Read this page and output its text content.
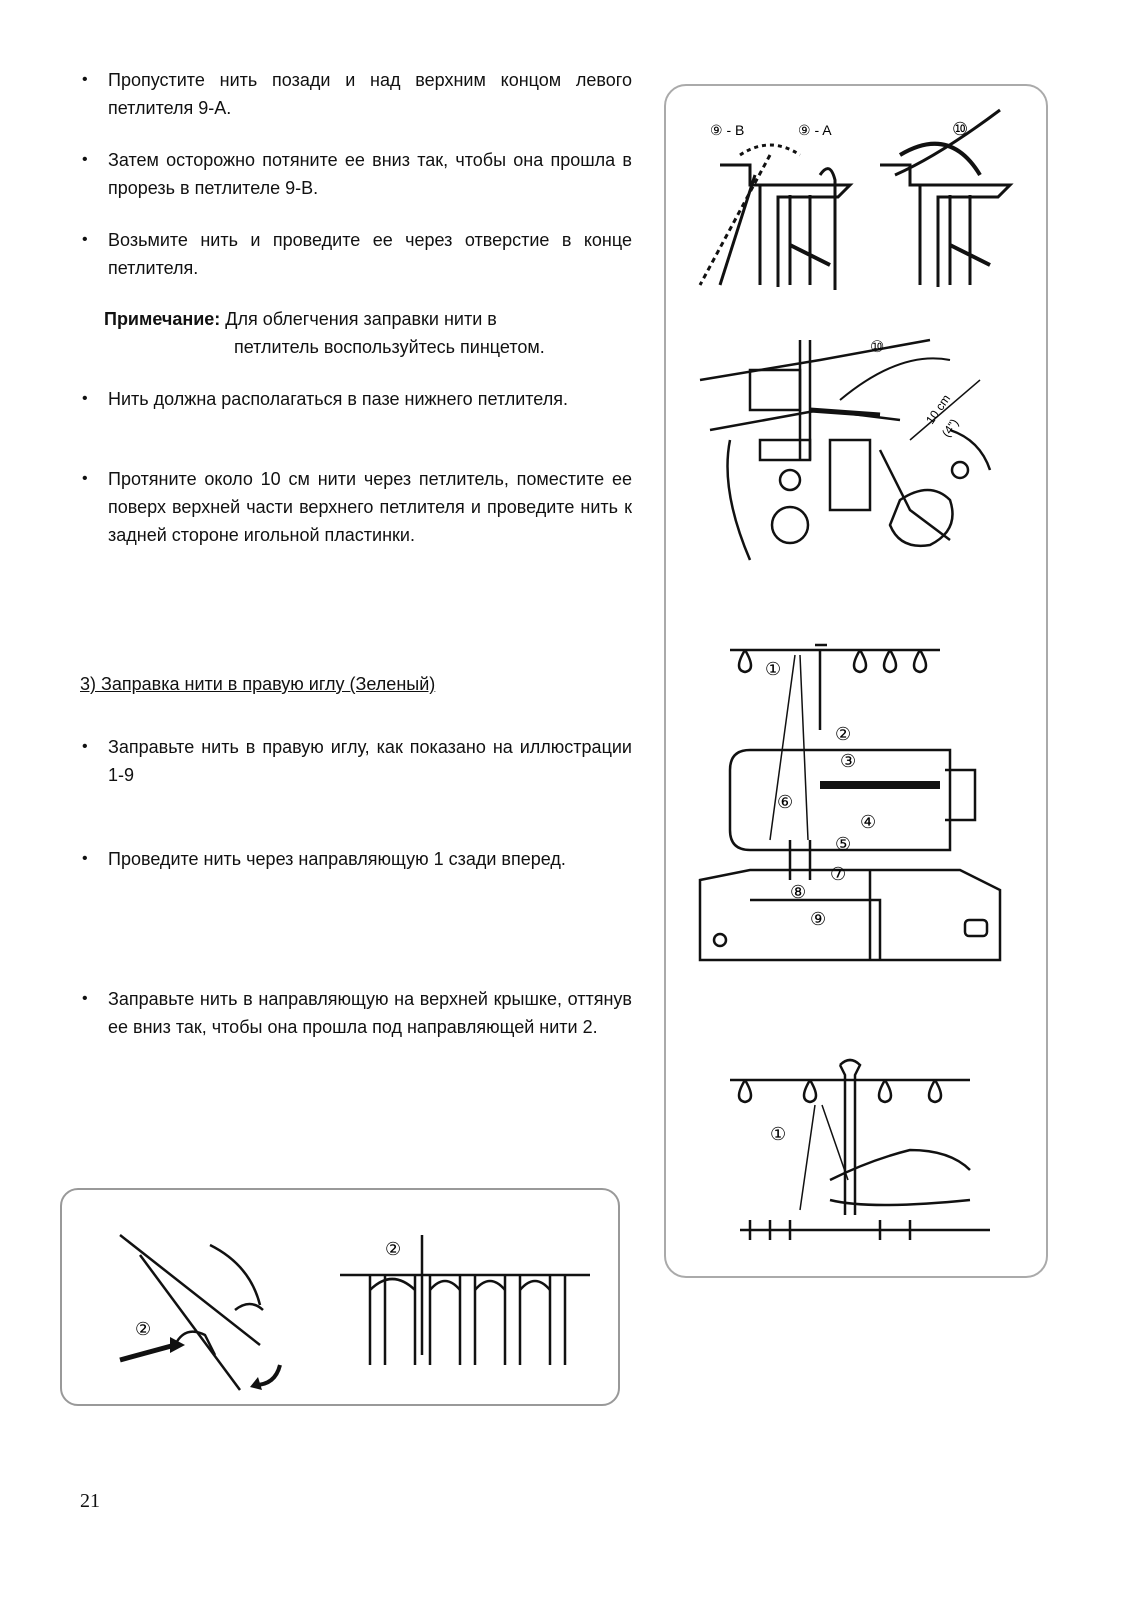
• Пропустите нить позади и над верхним концом левого петлителя 9-А.

• Затем осторожно потяните ее вниз так, чтобы она прошла в прорезь в петлителе 9-В.

• Возьмите нить и проведите ее через отверстие в конце петлителя.

Примечание: Для облегчения заправки нити в
петлитель воспользуйтесь пинцетом.

• Нить должна располагаться в пазе нижнего петлителя.

• Протяните около 10 см нити через петлитель, поместите ее поверх верхней части верхнего петлителя и проведите нить к задней стороне игольной пластинки.

3) Заправка нити в правую иглу (Зеленый)

• Заправьте нить в правую иглу, как показано на иллюстрации 1-9

• Проведите нить через направляющую 1 сзади вперед.

• Заправьте нить в направляющую на верхней крышке, оттянув ее вниз так, чтобы она прошла под направляющей нити 2.

⑨ - B	⑨ - A	⑩
⑩
10 cm
(4")
①
②
③
④
⑤
⑥
⑦
⑧
⑨
①
②
②
21
